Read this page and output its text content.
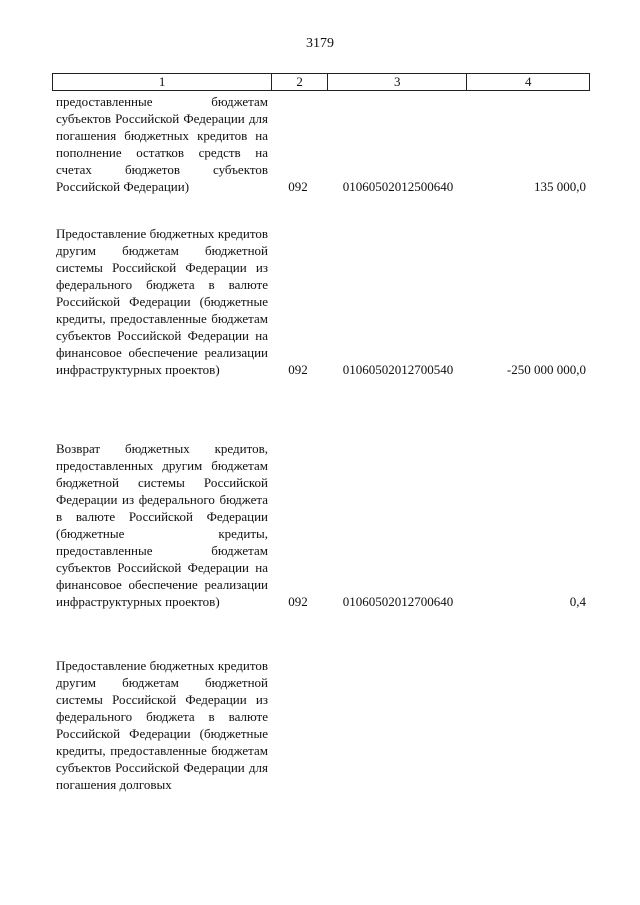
3179
1	2	3	4

предоставленные бюджетам субъектов Российской Федерации для погашения бюджетных кредитов на пополнение остатков средств на счетах бюджетов субъектов Российской Федерации)	092	01060502012500640	135 000,0

Предоставление бюджетных кредитов другим бюджетам бюджетной системы Российской Федерации из федерального бюджета в валюте Российской Федерации (бюджетные кредиты, предоставленные бюджетам субъектов Российской Федерации на финансовое обеспечение реализации инфраструктурных проектов)	092	01060502012700540	-250 000 000,0

Возврат бюджетных кредитов, предоставленных другим бюджетам бюджетной системы Российской Федерации из федерального бюджета в валюте Российской Федерации (бюджетные кредиты, предоставленные бюджетам субъектов Российской Федерации на финансовое обеспечение реализации инфраструктурных проектов)	092	01060502012700640	0,4

Предоставление бюджетных кредитов другим бюджетам бюджетной системы Российской Федерации из федерального бюджета в валюте Российской Федерации (бюджетные кредиты, предоставленные бюджетам субъектов Российской Федерации для погашения долговых
